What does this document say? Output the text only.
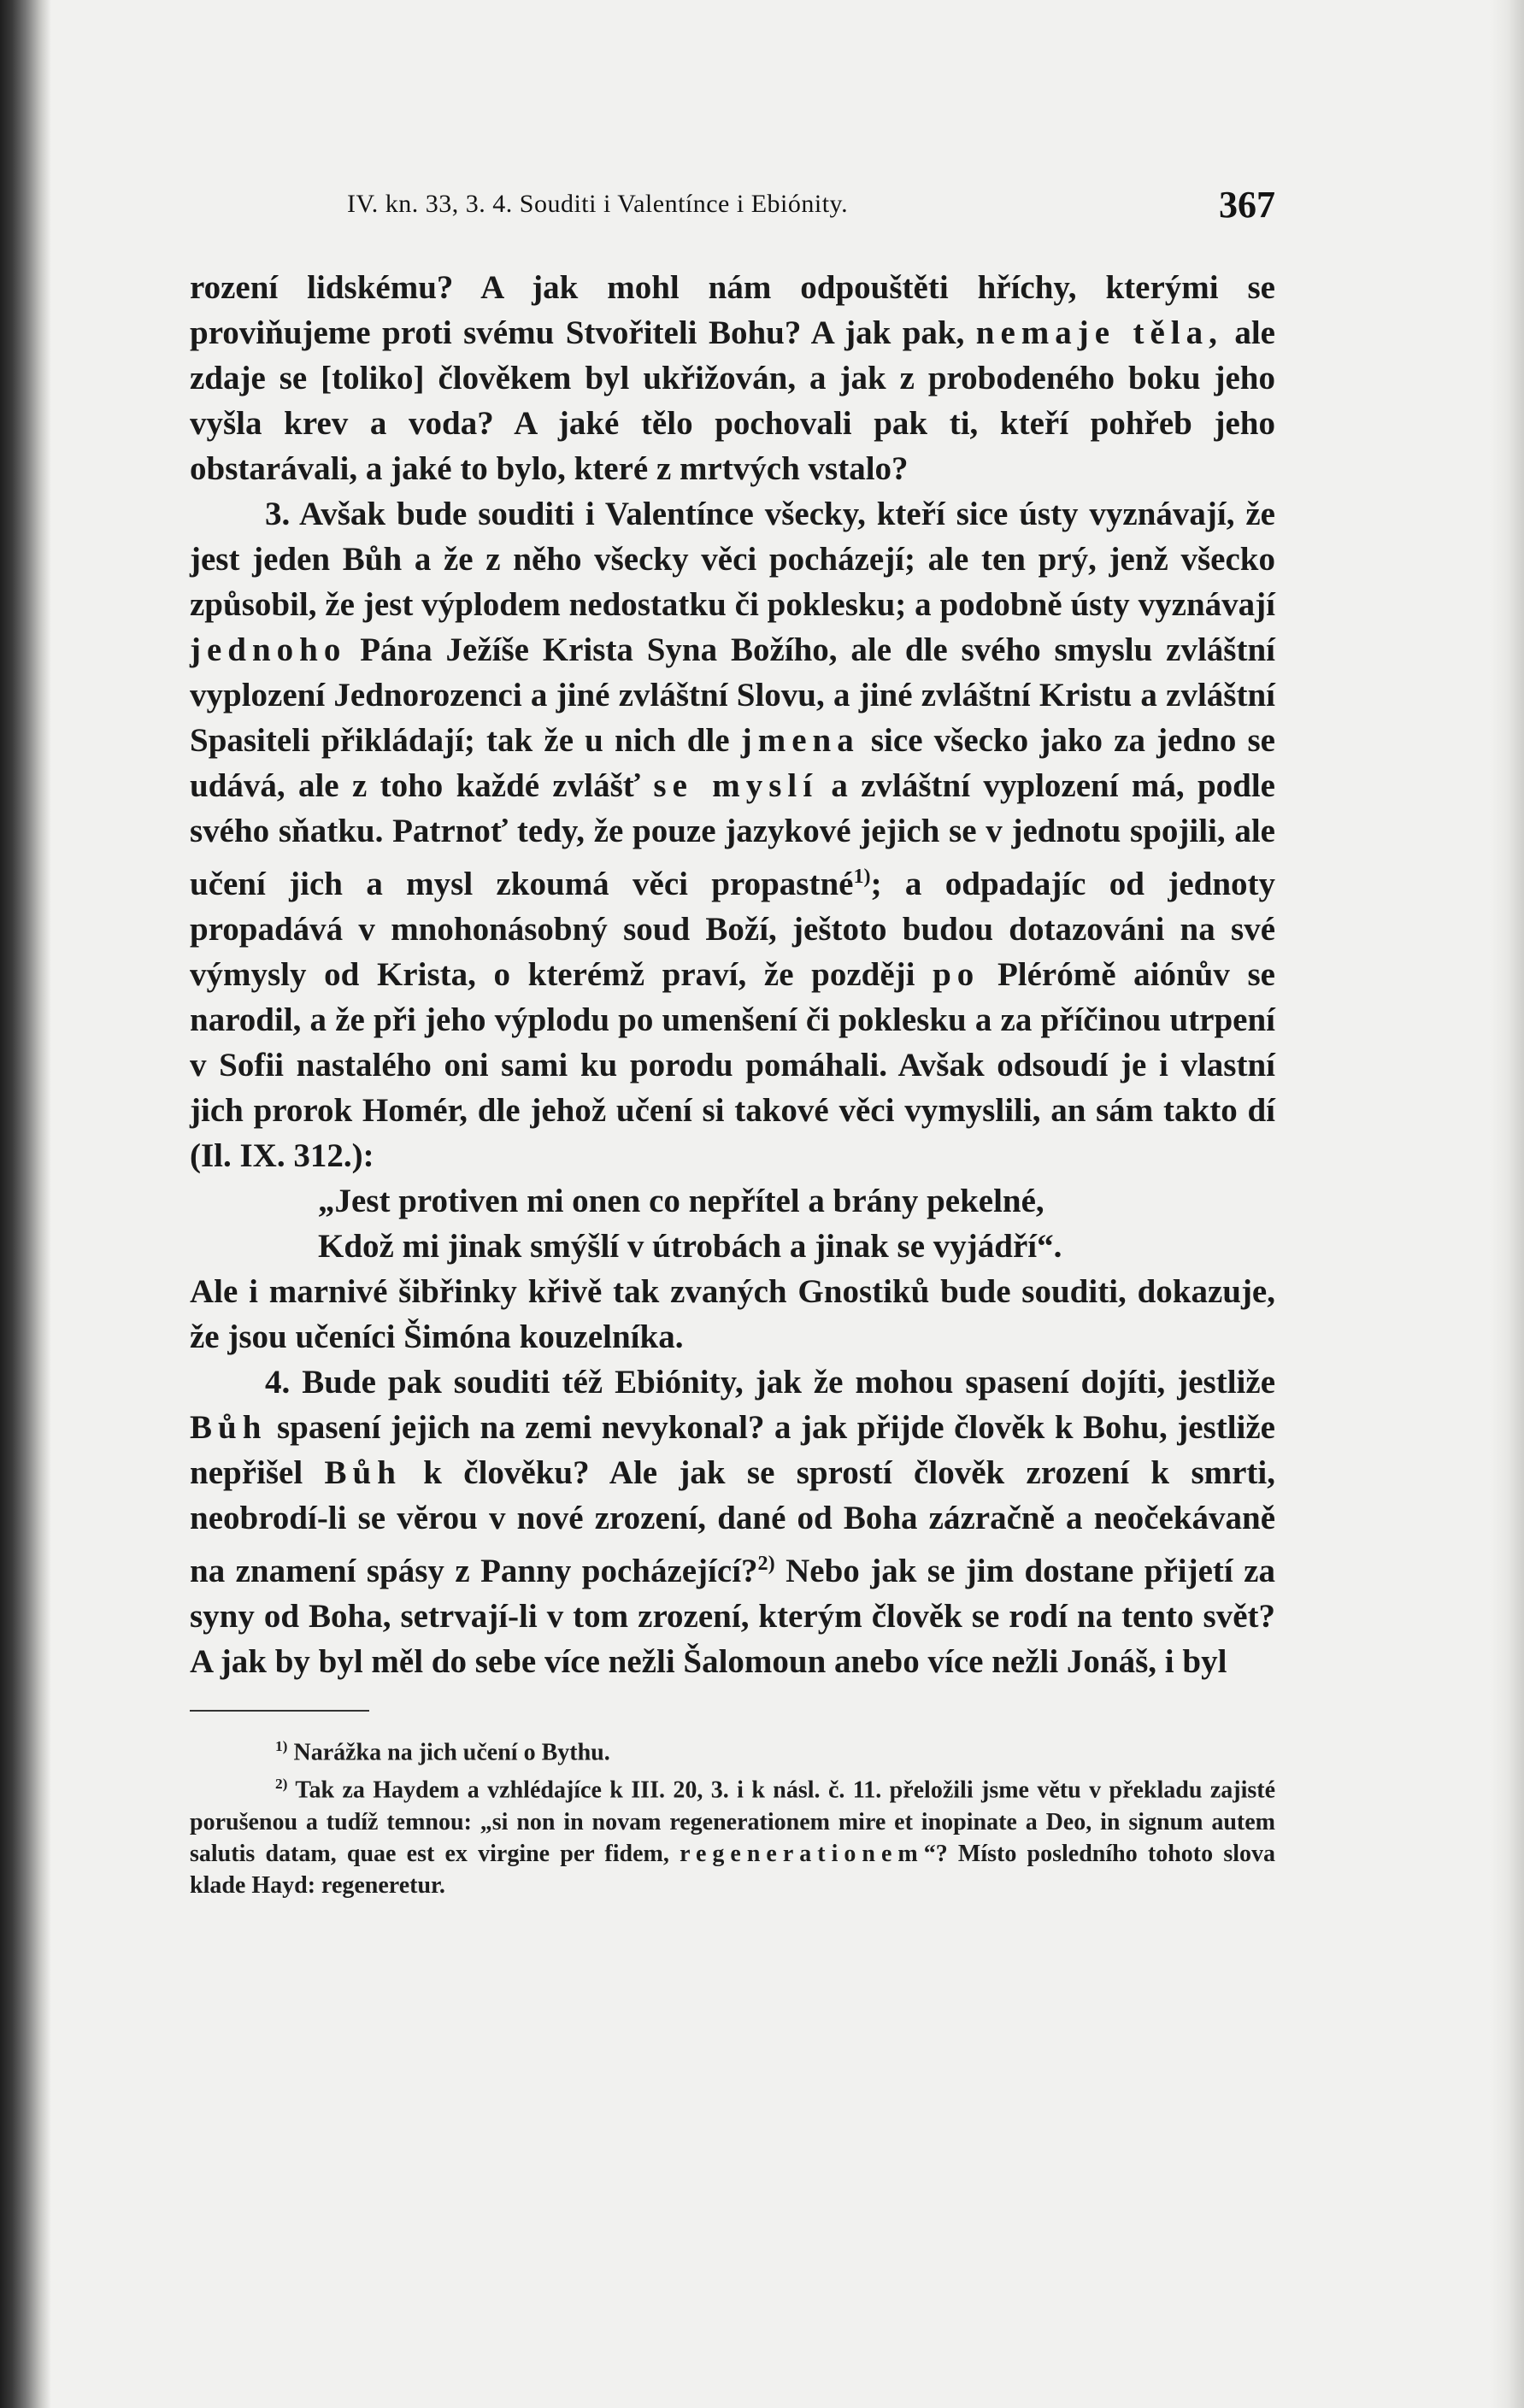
IV. kn. 33, 3. 4. Souditi i Valentínce i Ebiónity.	367

rození lidskému? A jak mohl nám odpouštěti hříchy, kterými se proviňujeme proti svému Stvořiteli Bohu? A jak pak, nemaje těla, ale zdaje se [toliko] člověkem byl ukřižován, a jak z probodeného boku jeho vyšla krev a voda? A jaké tělo pochovali pak ti, kteří pohřeb jeho obstarávali, a jaké to bylo, které z mrtvých vstalo?

3. Avšak bude souditi i Valentínce všecky, kteří sice ústy vyznávají, že jest jeden Bůh a že z něho všecky věci pocházejí; ale ten prý, jenž všecko způsobil, že jest výplodem nedostatku či poklesku; a podobně ústy vyznávají jednoho Pána Ježíše Krista Syna Božího, ale dle svého smyslu zvláštní vyplození Jednorozenci a jiné zvláštní Slovu, a jiné zvláštní Kristu a zvláštní Spasiteli přikládají; tak že u nich dle jmena sice všecko jako za jedno se udává, ale z toho každé zvlášť se myslí a zvláštní vyplození má, podle svého sňatku. Patrnoť tedy, že pouze jazykové jejich se v jednotu spojili, ale učení jich a mysl zkoumá věci propastné$^{1)}$; a odpadajíc od jednoty propadává v mnohonásobný soud Boží, ještoto budou dotazováni na své výmysly od Krista, o kterémž praví, že později po Plérómě aiónův se narodil, a že při jeho výplodu po umenšení či poklesku a za příčinou utrpení v Sofii nastalého oni sami ku porodu pomáhali. Avšak odsoudí je i vlastní jich prorok Homér, dle jehož učení si takové věci vymyslili, an sám takto dí (Il. IX. 312.):

„Jest protiven mi onen co nepřítel a brány pekelné,

Kdož mi jinak smýšlí v útrobách a jinak se vyjádří“.

Ale i marnivé šibřinky křivě tak zvaných Gnostiků bude souditi, dokazuje, že jsou učeníci Šimóna kouzelníka.

4. Bude pak souditi též Ebiónity, jak že mohou spasení dojíti, jestliže Bůh spasení jejich na zemi nevykonal? a jak přijde člověk k Bohu, jestliže nepřišel Bůh k člověku? Ale jak se sprostí člověk zrození k smrti, neobrodí-li se vĕrou v nové zrození, dané od Boha zázračně a neočekávaně na znamení spásy z Panny pocházející?$^{2)}$ Nebo jak se jim dostane přijetí za syny od Boha, setrvají-li v tom zrození, kterým člověk se rodí na tento svět? A jak by byl měl do sebe více nežli Šalomoun anebo více nežli Jonáš, i byl

$^{1)}$ Narážka na jich učení o Bythu.

$^{2)}$ Tak za Haydem a vzhlédajíce k III. 20, 3. i k násl. č. 11. přeložili jsme větu v překladu zajisté porušenou a tudíž temnou: „si non in novam regenerationem mire et inopinate a Deo, in signum autem salutis datam, quae est ex virgine per fidem, regenerationem“? Místo posledního tohoto slova klade Hayd: regeneretur.
